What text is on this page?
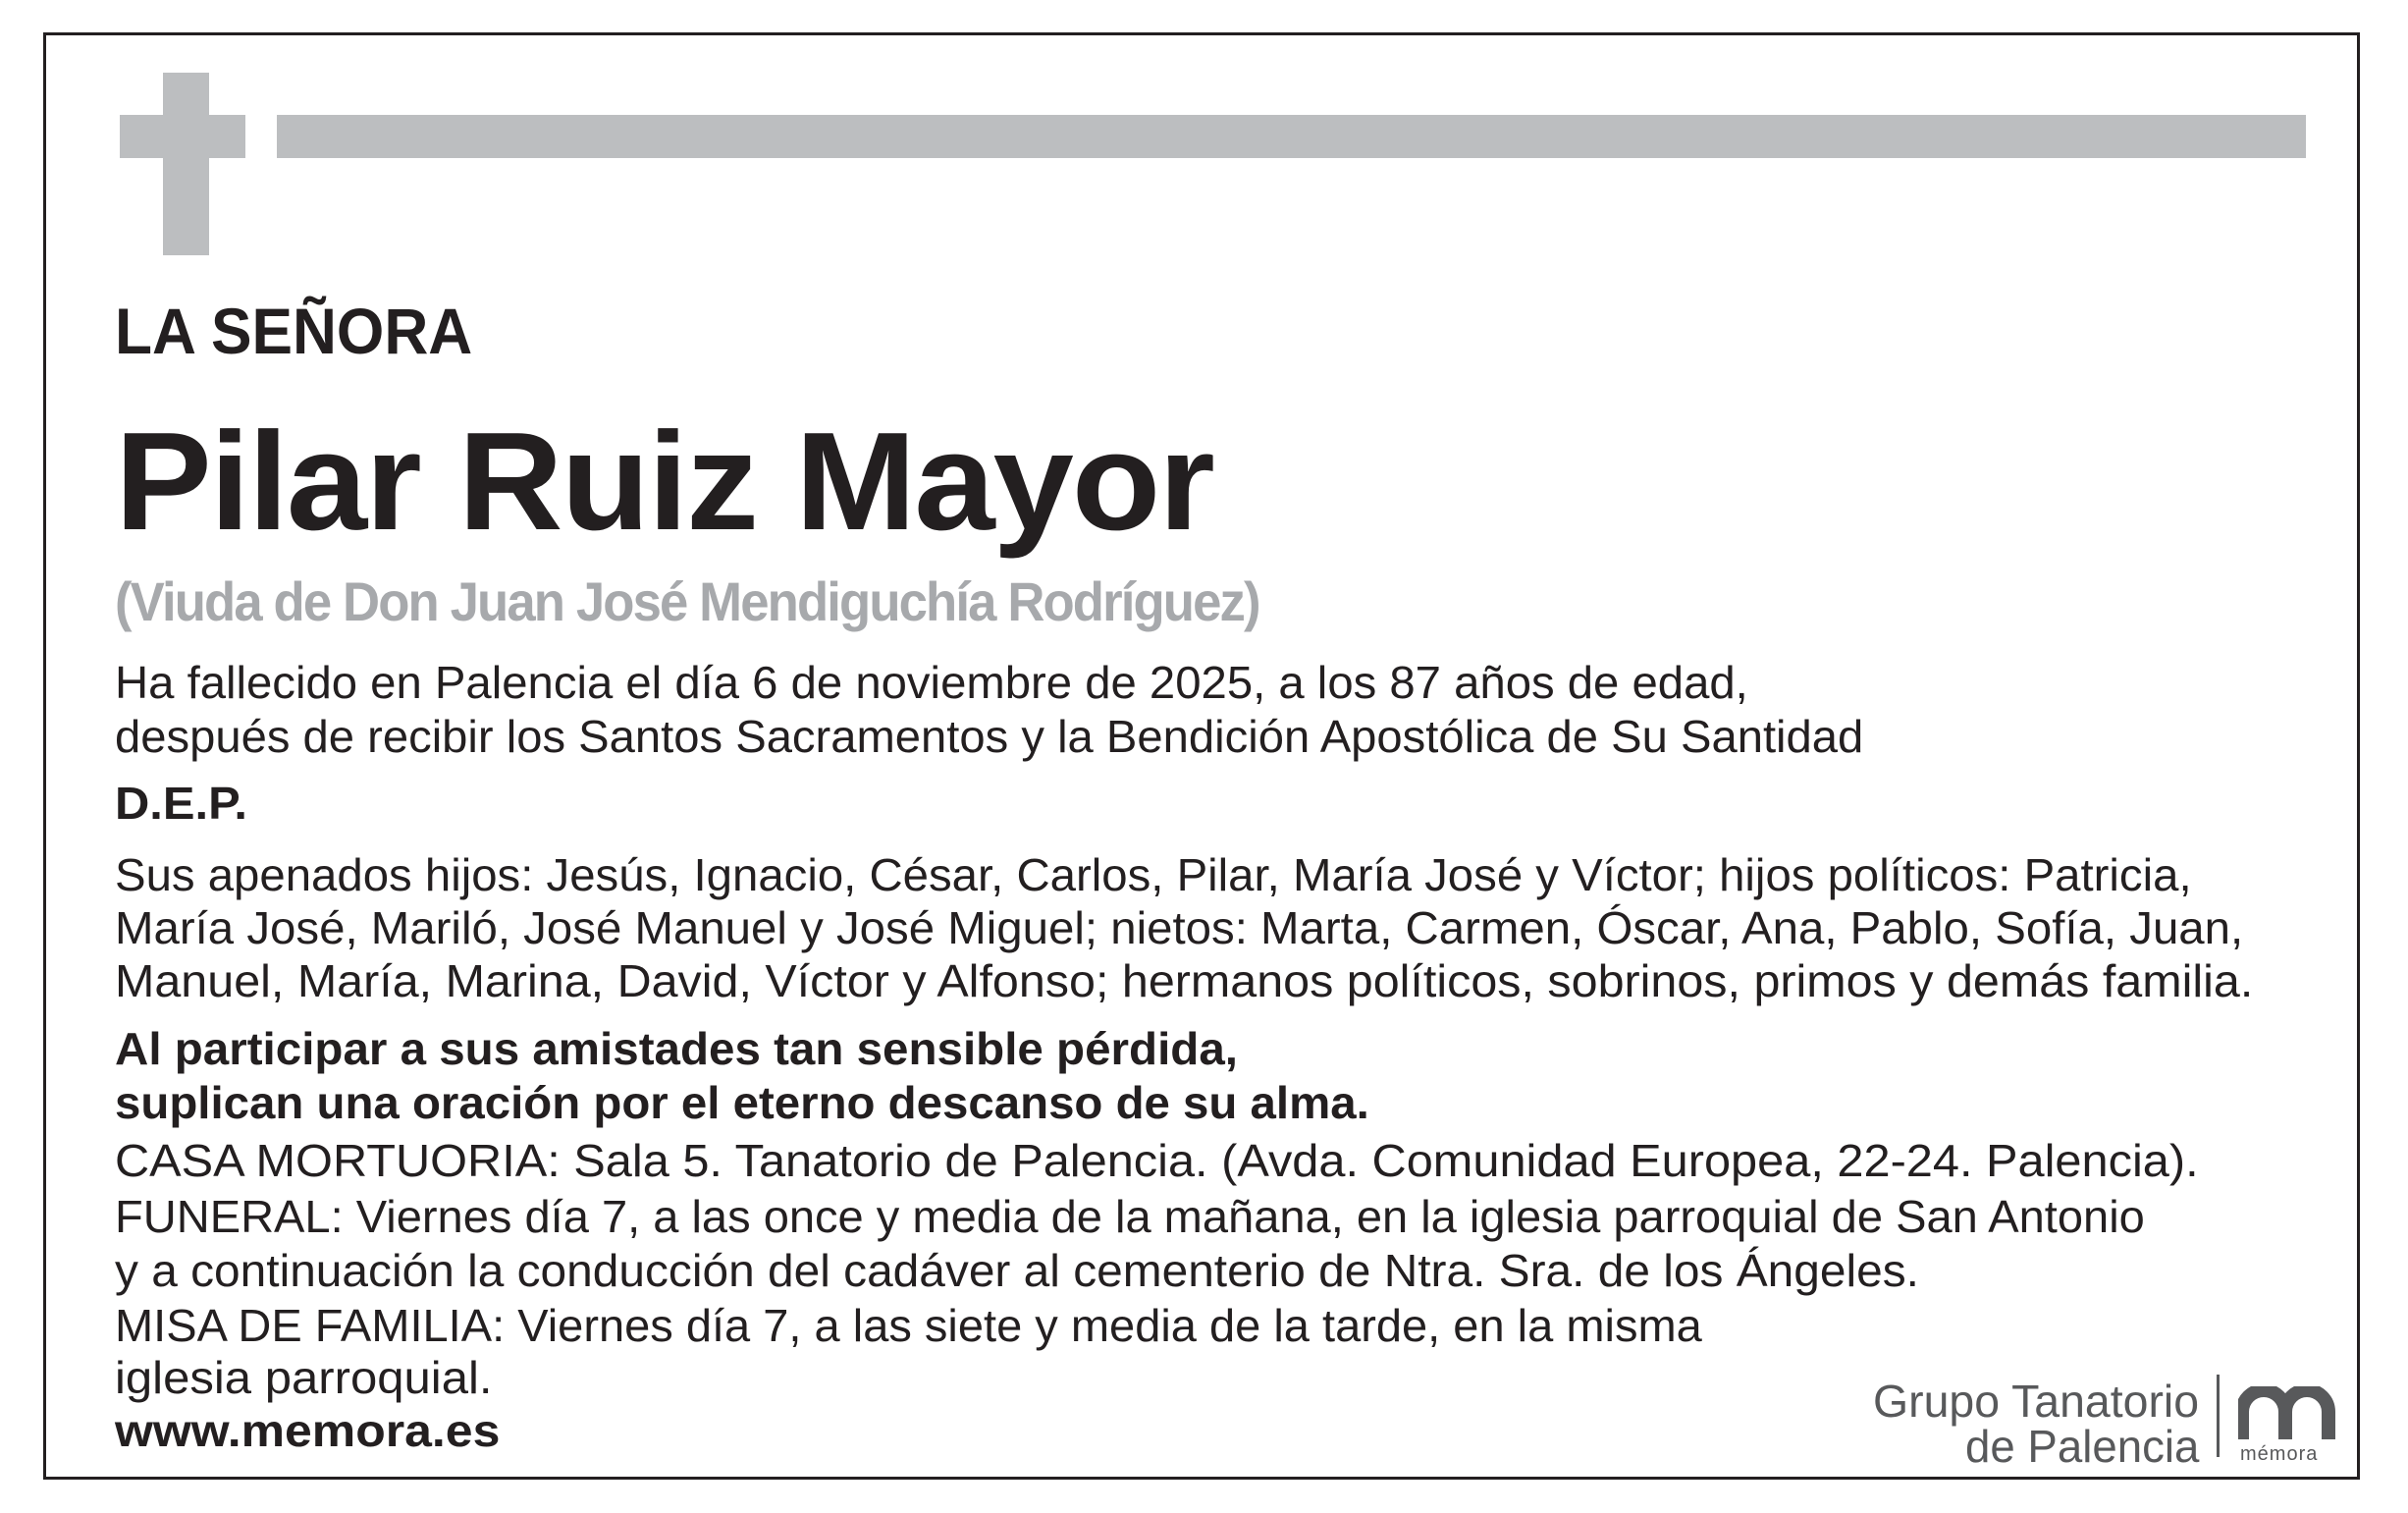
LA SEÑORA
Pilar Ruiz Mayor
(Viuda de Don Juan José Mendiguchía Rodríguez)
Ha fallecido en Palencia el día 6 de noviembre de 2025, a los 87 años de edad,
después de recibir los Santos Sacramentos y la Bendición Apostólica de Su Santidad
D.E.P.
Sus apenados hijos: Jesús, Ignacio, César, Carlos, Pilar, María José y Víctor; hijos políticos: Patricia,
María José, Mariló, José Manuel y José Miguel; nietos: Marta, Carmen, Óscar, Ana, Pablo, Sofía, Juan,
Manuel, María, Marina, David, Víctor y Alfonso; hermanos políticos, sobrinos, primos y demás familia.
Al participar a sus amistades tan sensible pérdida,
suplican una oración por el eterno descanso de su alma.
CASA MORTUORIA: Sala 5. Tanatorio de Palencia. (Avda. Comunidad Europea, 22-24. Palencia).
FUNERAL: Viernes día 7, a las once y media de la mañana, en la iglesia parroquial de San Antonio
y a continuación la conducción del cadáver al cementerio de Ntra. Sra. de los Ángeles.
MISA DE FAMILIA: Viernes día 7, a las siete y media de la tarde, en la misma
iglesia parroquial.
www.memora.es
Grupo Tanatorio
de Palencia mémora
